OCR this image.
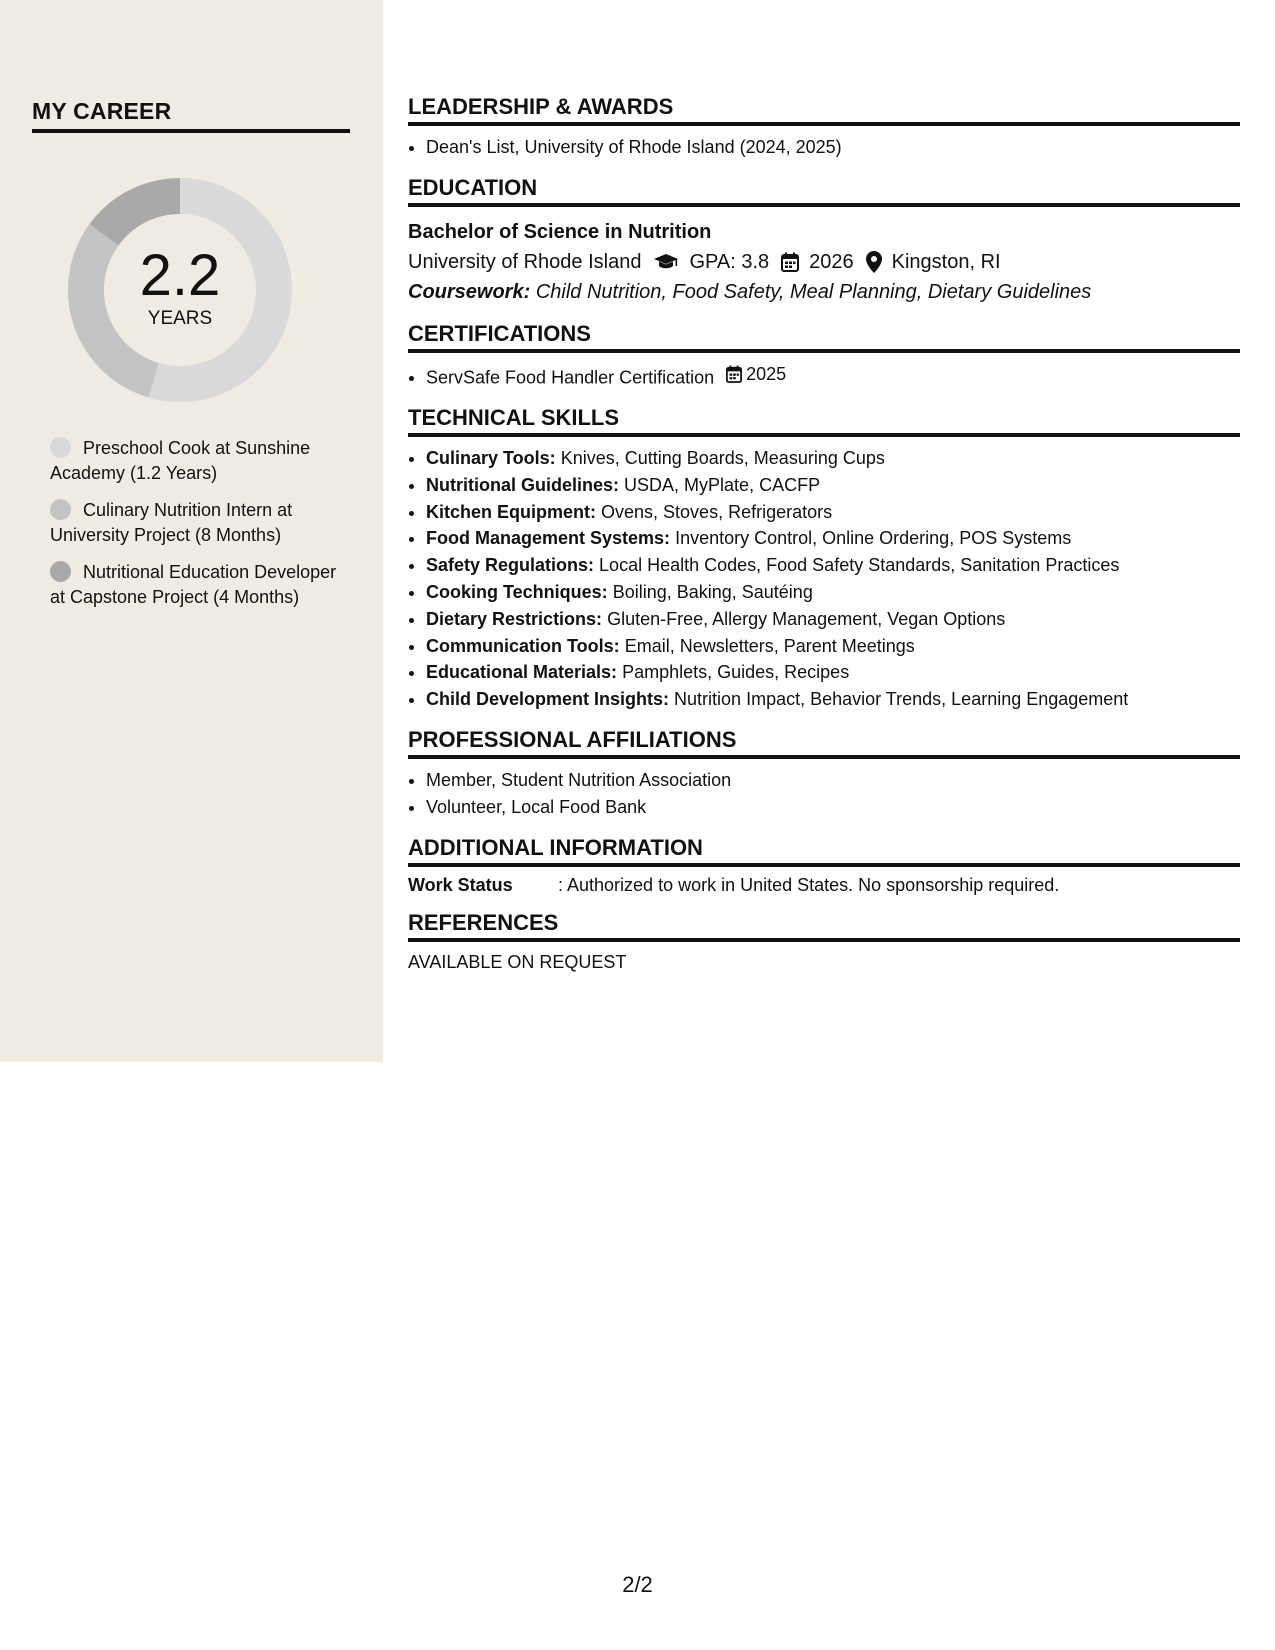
MY CAREER
2.2
YEARS
Preschool Cook at Sunshine Academy (1.2 Years)
Culinary Nutrition Intern at University Project (8 Months)
Nutritional Education Developer at Capstone Project (4 Months)
LEADERSHIP & AWARDS
• Dean's List, University of Rhode Island (2024, 2025)
EDUCATION
Bachelor of Science in Nutrition
University of Rhode Island GPA: 3.8 2026 Kingston, RI
Coursework: Child Nutrition, Food Safety, Meal Planning, Dietary Guidelines
CERTIFICATIONS
• ServSafe Food Handler Certification 2025
TECHNICAL SKILLS
• Culinary Tools: Knives, Cutting Boards, Measuring Cups
• Nutritional Guidelines: USDA, MyPlate, CACFP
• Kitchen Equipment: Ovens, Stoves, Refrigerators
• Food Management Systems: Inventory Control, Online Ordering, POS Systems
• Safety Regulations: Local Health Codes, Food Safety Standards, Sanitation Practices
• Cooking Techniques: Boiling, Baking, Sautéing
• Dietary Restrictions: Gluten-Free, Allergy Management, Vegan Options
• Communication Tools: Email, Newsletters, Parent Meetings
• Educational Materials: Pamphlets, Guides, Recipes
• Child Development Insights: Nutrition Impact, Behavior Trends, Learning Engagement
PROFESSIONAL AFFILIATIONS
• Member, Student Nutrition Association
• Volunteer, Local Food Bank
ADDITIONAL INFORMATION
Work Status	: Authorized to work in United States. No sponsorship required.
REFERENCES
AVAILABLE ON REQUEST
2/2
